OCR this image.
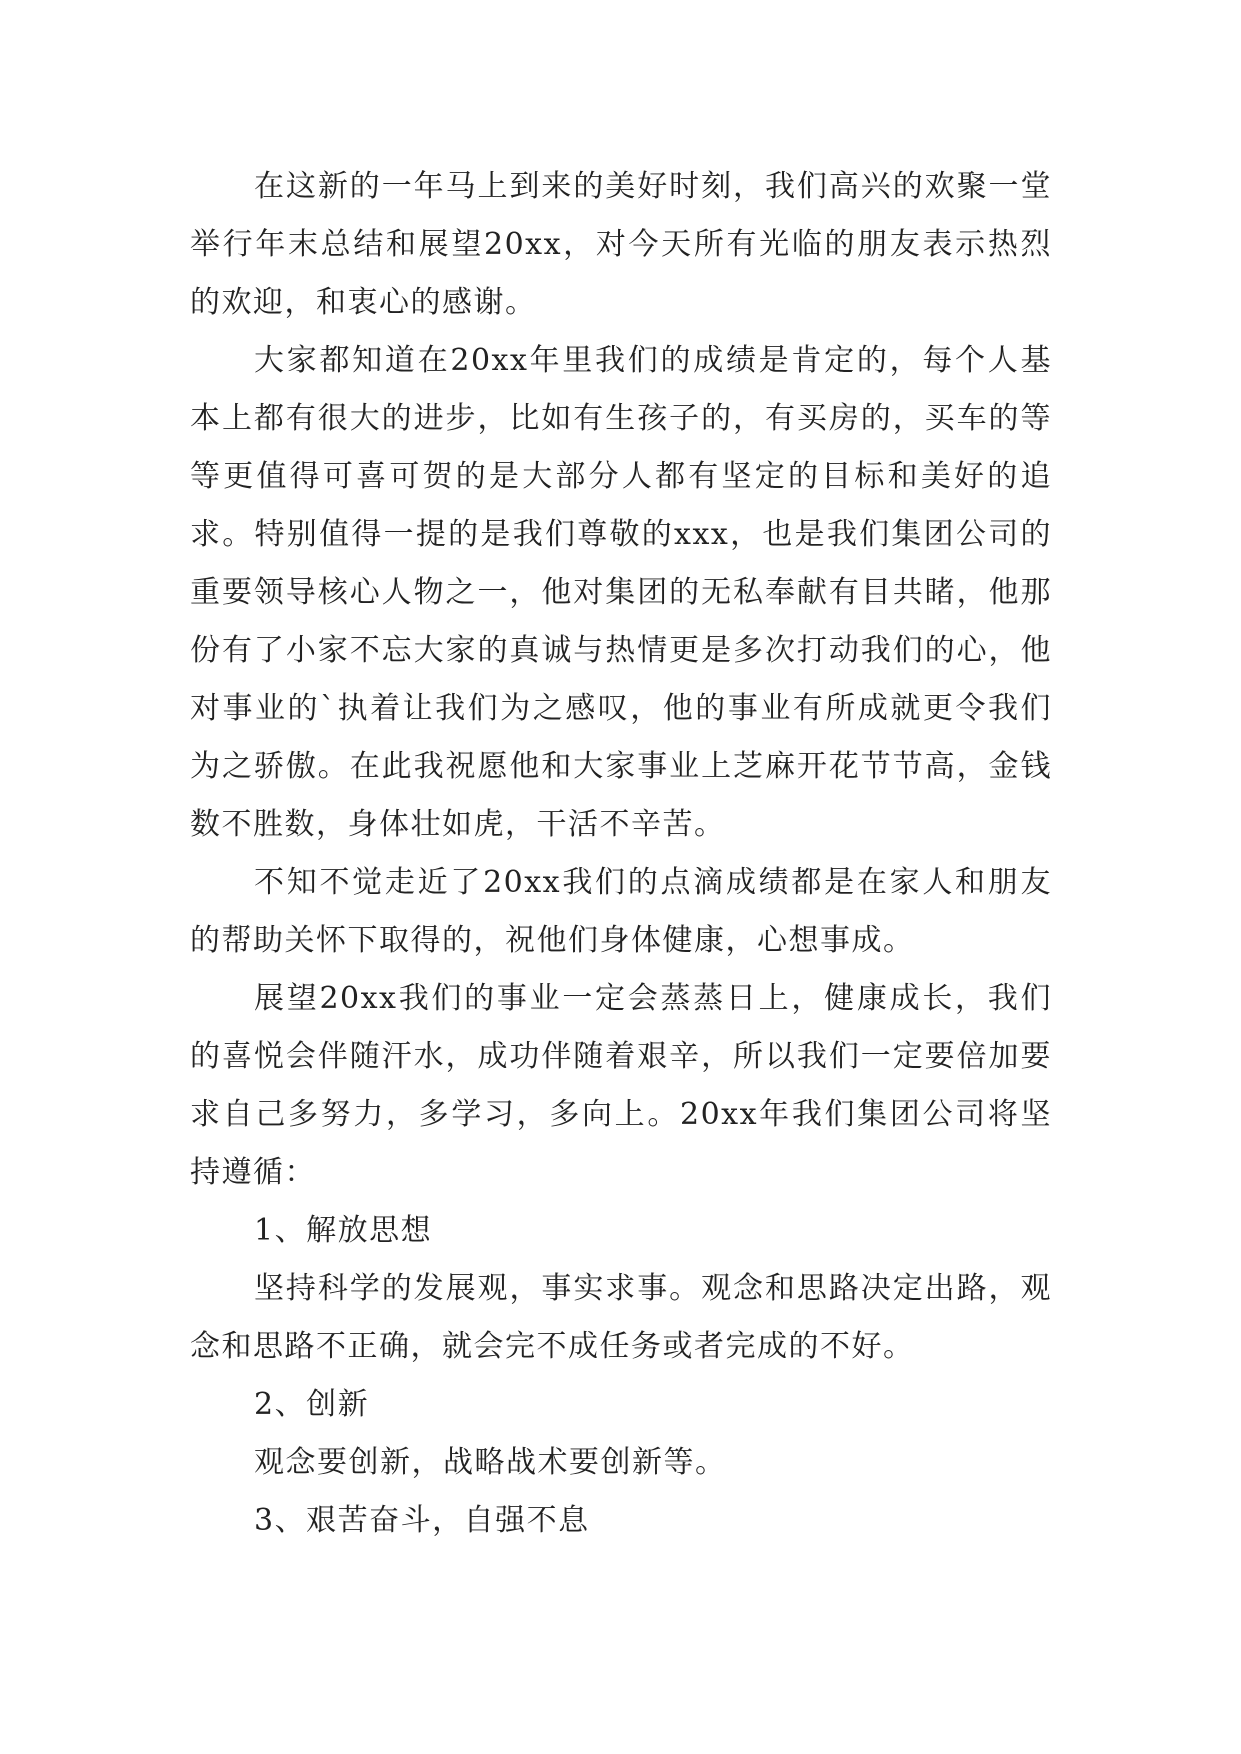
在这新的一年马上到来的美好时刻，我们高兴的欢聚一堂举行年末总结和展望20xx，对今天所有光临的朋友表示热烈的欢迎，和衷心的感谢。

大家都知道在20xx年里我们的成绩是肯定的，每个人基本上都有很大的进步，比如有生孩子的，有买房的，买车的等等更值得可喜可贺的是大部分人都有坚定的目标和美好的追求。特别值得一提的是我们尊敬的xxx，也是我们集团公司的重要领导核心人物之一，他对集团的无私奉献有目共睹，他那份有了小家不忘大家的真诚与热情更是多次打动我们的心，他对事业的`执着让我们为之感叹，他的事业有所成就更令我们为之骄傲。在此我祝愿他和大家事业上芝麻开花节节高，金钱数不胜数，身体壮如虎，干活不辛苦。

不知不觉走近了20xx我们的点滴成绩都是在家人和朋友的帮助关怀下取得的，祝他们身体健康，心想事成。

展望20xx我们的事业一定会蒸蒸日上，健康成长，我们的喜悦会伴随汗水，成功伴随着艰辛，所以我们一定要倍加要求自己多努力，多学习，多向上。20xx年我们集团公司将坚持遵循：

1、解放思想

坚持科学的发展观，事实求事。观念和思路决定出路，观念和思路不正确，就会完不成任务或者完成的不好。

2、创新

观念要创新，战略战术要创新等。

3、艰苦奋斗，自强不息
